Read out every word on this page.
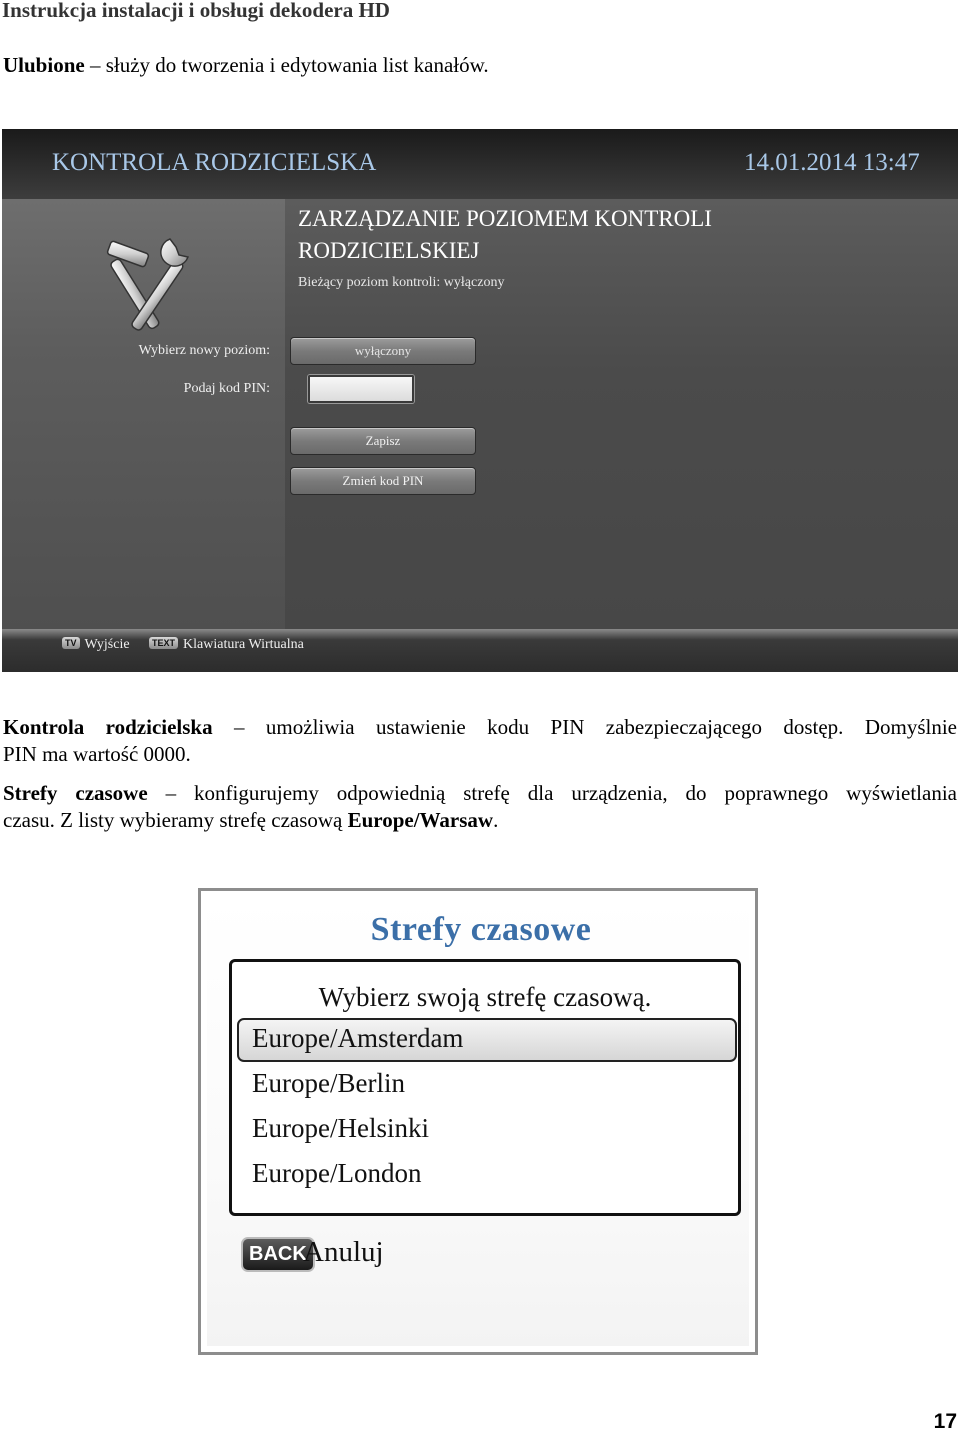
Instrukcja instalacji i obsługi dekodera HD
Ulubione – służy do tworzenia i edytowania list kanałów.
KONTROLA RODZICIELSKA	14.01.2014 13:47
ZARZĄDZANIE POZIOMEM KONTROLI RODZICIELSKIEJ
Bieżący poziom kontroli: wyłączony
Wybierz nowy poziom:	wyłączony
Podaj kod PIN:
Zapisz
Zmień kod PIN
TV Wyjście	TEXT Klawiatura Wirtualna
Kontrola rodzicielska – umożliwia ustawienie kodu PIN zabezpieczającego dostęp. Domyślnie
PIN ma wartość 0000.
Strefy czasowe – konfigurujemy odpowiednią strefę dla urządzenia, do poprawnego wyświetlania
czasu. Z listy wybieramy strefę czasową Europe/Warsaw.
Strefy czasowe
Wybierz swoją strefę czasową.
Europe/Amsterdam
Europe/Berlin
Europe/Helsinki
Europe/London
BACK
Anuluj
17
